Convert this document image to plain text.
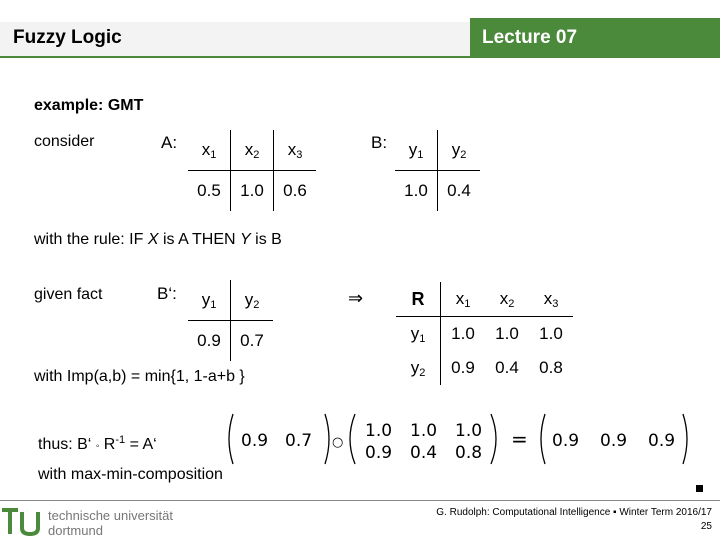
Fuzzy Logic	Lecture 07
example: GMT
consider	A: $x_1$	$x_2$	$x_3$
0.5	1.0	0.6
B: $y_1$	$y_2$
1.0	0.4
with the rule: IF X is A THEN Y is B
given fact	B‘: $y_1$	$y_2$
0.9	0.7
⇒	R	$x_1$	$x_2$	$x_3$
$y_1$	1.0	1.0	1.0
$y_2$	0.9	0.4	0.8
with Imp(a,b) = min{1, 1-a+b }
thus: B‘ ◦ $R^{-1}$ = A‘	0.9 0.7 ○
1.0 1.0 1.0
0.9 0.4 0.8
= 0.9 0.9 0.9
with max-min-composition
technische universität
dortmund
G. Rudolph: Computational Intelligence ▪ Winter Term 2016/17
25
